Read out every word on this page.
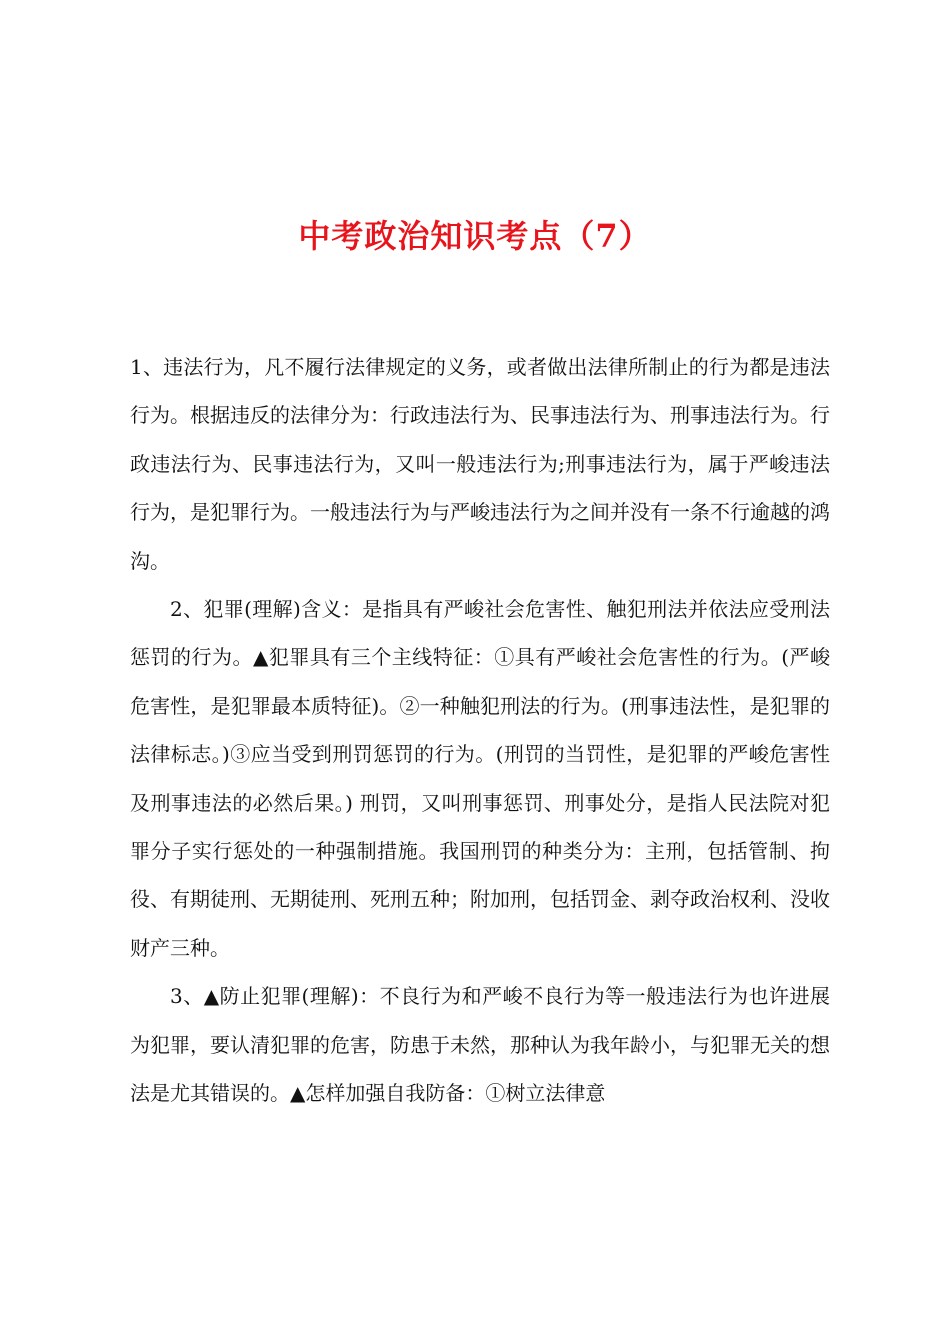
中考政治知识考点（7）

1、违法行为，凡不履行法律规定的义务，或者做出法律所制止的行为都是违法行为。根据违反的法律分为：行政违法行为、民事违法行为、刑事违法行为。行政违法行为、民事违法行为，又叫一般违法行为;刑事违法行为，属于严峻违法行为，是犯罪行为。一般违法行为与严峻违法行为之间并没有一条不行逾越的鸿沟。

2、犯罪(理解)含义：是指具有严峻社会危害性、触犯刑法并依法应受刑法惩罚的行为。▲犯罪具有三个主线特征：①具有严峻社会危害性的行为。(严峻危害性，是犯罪最本质特征)。②一种触犯刑法的行为。(刑事违法性，是犯罪的法律标志。)③应当受到刑罚惩罚的行为。(刑罚的当罚性，是犯罪的严峻危害性及刑事违法的必然后果。) 刑罚，又叫刑事惩罚、刑事处分，是指人民法院对犯罪分子实行惩处的一种强制措施。我国刑罚的种类分为：主刑，包括管制、拘役、有期徒刑、无期徒刑、死刑五种；附加刑，包括罚金、剥夺政治权利、没收财产三种。

3、▲防止犯罪(理解)：不良行为和严峻不良行为等一般违法行为也许进展为犯罪，要认清犯罪的危害，防患于未然，那种认为我年龄小，与犯罪无关的想法是尤其错误的。▲怎样加强自我防备：①树立法律意
